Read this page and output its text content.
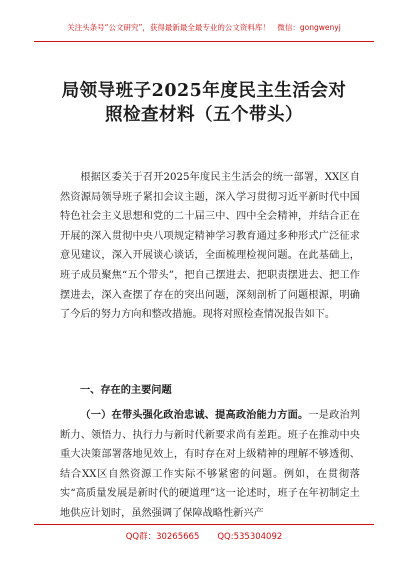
关注头条号“公文研究”，获得最新最全最专业的公文资料库！　微信：gongwenyj
局领导班子2025年度民主生活会对
照检查材料（五个带头）

根据区委关于召开2025年度民主生活会的统一部署，XX区自然资源局领导班子紧扣会议主题，深入学习贯彻习近平新时代中国特色社会主义思想和党的二十届三中、四中全会精神，并结合正在开展的深入贯彻中央八项规定精神学习教育通过多种形式广泛征求意见建议，深入开展谈心谈话，全面梳理检视问题。在此基础上，班子成员聚焦“五个带头”，把自己摆进去、把职责摆进去、把工作摆进去，深入查摆了存在的突出问题，深刻剖析了问题根源，明确了今后的努力方向和整改措施。现将对照检查情况报告如下。

一、存在的主要问题

（一）在带头强化政治忠诚、提高政治能力方面。一是政治判断力、领悟力、执行力与新时代新要求尚有差距。班子在推动中央重大决策部署落地见效上，有时存在对上级精神的理解不够透彻、结合XX区自然资源工作实际不够紧密的问题。例如，在贯彻落实“高质量发展是新时代的硬道理”这一论述时，班子在年初制定土地供应计划时，虽然强调了保障战略性新兴产

QQ群：30265665 QQ:535304092
